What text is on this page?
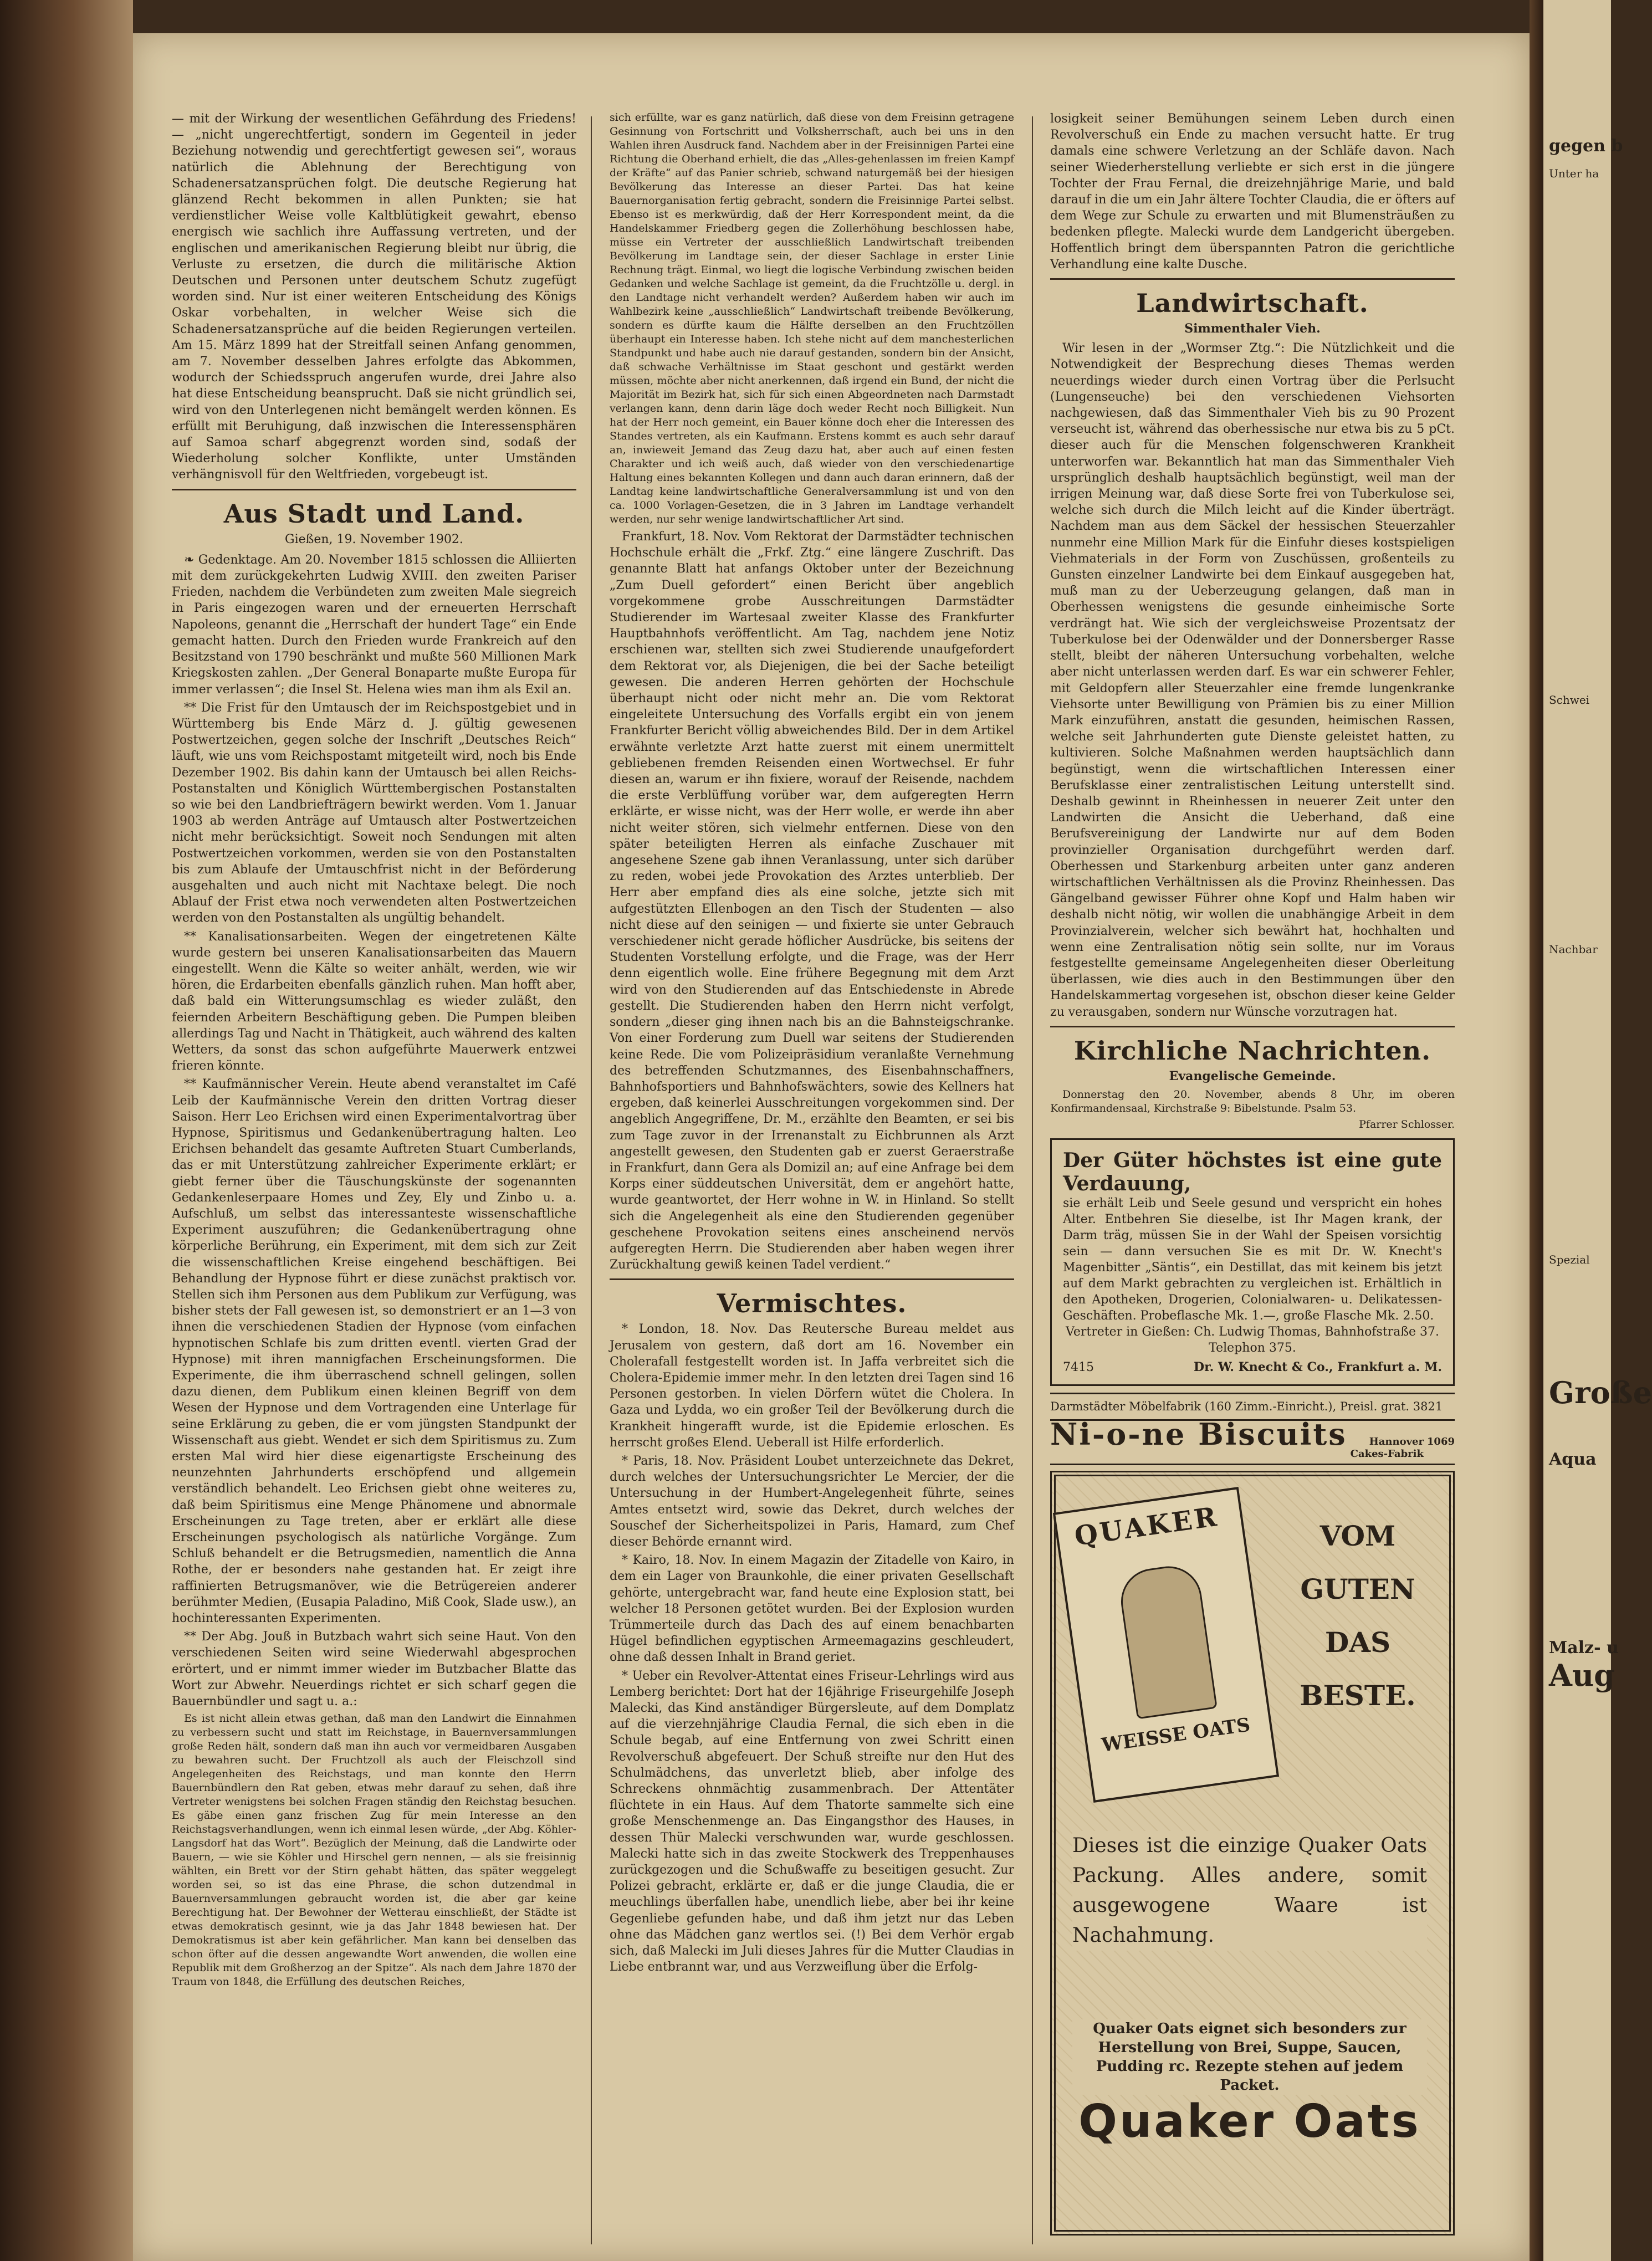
— mit der Wirkung der wesentlichen Gefährdung des Friedens! — „nicht ungerechtfertigt, sondern im Gegenteil in jeder Beziehung notwendig und gerechtfertigt gewesen sei“, woraus natürlich die Ablehnung der Berechtigung von Schadenersatzansprüchen folgt. Die deutsche Regierung hat glänzend Recht bekommen in allen Punkten; sie hat verdienstlicher Weise volle Kaltblütigkeit gewahrt, ebenso energisch wie sachlich ihre Auffassung vertreten, und der englischen und amerikanischen Regierung bleibt nur übrig, die Verluste zu ersetzen, die durch die militärische Aktion Deutschen und Personen unter deutschem Schutz zugefügt worden sind. Nur ist einer weiteren Entscheidung des Königs Oskar vorbehalten, in welcher Weise sich die Schadenersatzansprüche auf die beiden Regierungen verteilen. Am 15. März 1899 hat der Streitfall seinen Anfang genommen, am 7. November desselben Jahres erfolgte das Abkommen, wodurch der Schiedsspruch angerufen wurde, drei Jahre also hat diese Entscheidung beansprucht. Daß sie nicht gründlich sei, wird von den Unterlegenen nicht bemängelt werden können. Es erfüllt mit Beruhigung, daß inzwischen die Interessensphären auf Samoa scharf abgegrenzt worden sind, sodaß der Wiederholung solcher Konflikte, unter Umständen verhängnisvoll für den Weltfrieden, vorgebeugt ist.

Aus Stadt und Land.
Gießen, 19. November 1902.

❧ Gedenktage. Am 20. November 1815 schlossen die Alliierten mit dem zurückgekehrten Ludwig XVIII. den zweiten Pariser Frieden, nachdem die Verbündeten zum zweiten Male siegreich in Paris eingezogen waren und der erneuerten Herrschaft Napoleons, genannt die „Herrschaft der hundert Tage“ ein Ende gemacht hatten. Durch den Frieden wurde Frankreich auf den Besitzstand von 1790 beschränkt und mußte 560 Millionen Mark Kriegskosten zahlen. „Der General Bonaparte mußte Europa für immer verlassen“; die Insel St. Helena wies man ihm als Exil an.

** Die Frist für den Umtausch der im Reichspostgebiet und in Württemberg bis Ende März d. J. gültig gewesenen Postwertzeichen, gegen solche der Inschrift „Deutsches Reich“ läuft, wie uns vom Reichspostamt mitgeteilt wird, noch bis Ende Dezember 1902. Bis dahin kann der Umtausch bei allen Reichs-Postanstalten und Königlich Württembergischen Postanstalten so wie bei den Landbriefträgern bewirkt werden. Vom 1. Januar 1903 ab werden Anträge auf Umtausch alter Postwertzeichen nicht mehr berücksichtigt. Soweit noch Sendungen mit alten Postwertzeichen vorkommen, werden sie von den Postanstalten bis zum Ablaufe der Umtauschfrist nicht in der Beförderung ausgehalten und auch nicht mit Nachtaxe belegt. Die noch Ablauf der Frist etwa noch verwendeten alten Postwertzeichen werden von den Postanstalten als ungültig behandelt.

** Kanalisationsarbeiten. Wegen der eingetretenen Kälte wurde gestern bei unseren Kanalisationsarbeiten das Mauern eingestellt. Wenn die Kälte so weiter anhält, werden, wie wir hören, die Erdarbeiten ebenfalls gänzlich ruhen. Man hofft aber, daß bald ein Witterungsumschlag es wieder zuläßt, den feiernden Arbeitern Beschäftigung geben. Die Pumpen bleiben allerdings Tag und Nacht in Thätigkeit, auch während des kalten Wetters, da sonst das schon aufgeführte Mauerwerk entzwei frieren könnte.

** Kaufmännischer Verein. Heute abend veranstaltet im Café Leib der Kaufmännische Verein den dritten Vortrag dieser Saison. Herr Leo Erichsen wird einen Experimentalvortrag über Hypnose, Spiritismus und Gedankenübertragung halten. Leo Erichsen behandelt das gesamte Auftreten Stuart Cumberlands, das er mit Unterstützung zahlreicher Experimente erklärt; er giebt ferner über die Täuschungskünste der sogenannten Gedankenleserpaare Homes und Zey, Ely und Zinbo u. a. Aufschluß, um selbst das interessanteste wissenschaftliche Experiment auszuführen; die Gedankenübertragung ohne körperliche Berührung, ein Experiment, mit dem sich zur Zeit die wissenschaftlichen Kreise eingehend beschäftigen. Bei Behandlung der Hypnose führt er diese zunächst praktisch vor. Stellen sich ihm Personen aus dem Publikum zur Verfügung, was bisher stets der Fall gewesen ist, so demonstriert er an 1—3 von ihnen die verschiedenen Stadien der Hypnose (vom einfachen hypnotischen Schlafe bis zum dritten eventl. vierten Grad der Hypnose) mit ihren mannigfachen Erscheinungsformen. Die Experimente, die ihm überraschend schnell gelingen, sollen dazu dienen, dem Publikum einen kleinen Begriff von dem Wesen der Hypnose und dem Vortragenden eine Unterlage für seine Erklärung zu geben, die er vom jüngsten Standpunkt der Wissenschaft aus giebt. Wendet er sich dem Spiritismus zu. Zum ersten Mal wird hier diese eigenartigste Erscheinung des neunzehnten Jahrhunderts erschöpfend und allgemein verständlich behandelt. Leo Erichsen giebt ohne weiteres zu, daß beim Spiritismus eine Menge Phänomene und abnormale Erscheinungen zu Tage treten, aber er erklärt alle diese Erscheinungen psychologisch als natürliche Vorgänge. Zum Schluß behandelt er die Betrugsmedien, namentlich die Anna Rothe, der er besonders nahe gestanden hat. Er zeigt ihre raffinierten Betrugsmanöver, wie die Betrügereien anderer berühmter Medien, (Eusapia Paladino, Miß Cook, Slade usw.), an hochinteressanten Experimenten.

** Der Abg. Jouß in Butzbach wahrt sich seine Haut. Von den verschiedenen Seiten wird seine Wiederwahl abgesprochen erörtert, und er nimmt immer wieder im Butzbacher Blatte das Wort zur Abwehr. Neuerdings richtet er sich scharf gegen die Bauernbündler und sagt u. a.:

Es ist nicht allein etwas gethan, daß man den Landwirt die Einnahmen zu verbessern sucht und statt im Reichstage, in Bauernversammlungen große Reden hält, sondern daß man ihn auch vor vermeidbaren Ausgaben zu bewahren sucht. Der Fruchtzoll als auch der Fleischzoll sind Angelegenheiten des Reichstags, und man konnte den Herrn Bauernbündlern den Rat geben, etwas mehr darauf zu sehen, daß ihre Vertreter wenigstens bei solchen Fragen ständig den Reichstag besuchen. Es gäbe einen ganz frischen Zug für mein Interesse an den Reichstagsverhandlungen, wenn ich einmal lesen würde, „der Abg. Köhler-Langsdorf hat das Wort“. Bezüglich der Meinung, daß die Landwirte oder Bauern, — wie sie Köhler und Hirschel gern nennen, — als sie freisinnig wählten, ein Brett vor der Stirn gehabt hätten, das später weggelegt worden sei, so ist das eine Phrase, die schon dutzendmal in Bauernversammlungen gebraucht worden ist, die aber gar keine Berechtigung hat. Der Bewohner der Wetterau einschließt, der Städte ist etwas demokratisch gesinnt, wie ja das Jahr 1848 bewiesen hat. Der Demokratismus ist aber kein gefährlicher. Man kann bei denselben das schon öfter auf die dessen angewandte Wort anwenden, die wollen eine Republik mit dem Großherzog an der Spitze“. Als nach dem Jahre 1870 der Traum von 1848, die Erfüllung des deutschen Reiches,

sich erfüllte, war es ganz natürlich, daß diese von dem Freisinn getragene Gesinnung von Fortschritt und Volksherrschaft, auch bei uns in den Wahlen ihren Ausdruck fand. Nachdem aber in der Freisinnigen Partei eine Richtung die Oberhand erhielt, die das „Alles-gehenlassen im freien Kampf der Kräfte“ auf das Panier schrieb, schwand naturgemäß bei der hiesigen Bevölkerung das Interesse an dieser Partei. Das hat keine Bauernorganisation fertig gebracht, sondern die Freisinnige Partei selbst. Ebenso ist es merkwürdig, daß der Herr Korrespondent meint, da die Handelskammer Friedberg gegen die Zollerhöhung beschlossen habe, müsse ein Vertreter der ausschließlich Landwirtschaft treibenden Bevölkerung im Landtage sein, der dieser Sachlage in erster Linie Rechnung trägt. Einmal, wo liegt die logische Verbindung zwischen beiden Gedanken und welche Sachlage ist gemeint, da die Fruchtzölle u. dergl. in den Landtage nicht verhandelt werden? Außerdem haben wir auch im Wahlbezirk keine „ausschließlich“ Landwirtschaft treibende Bevölkerung, sondern es dürfte kaum die Hälfte derselben an den Fruchtzöllen überhaupt ein Interesse haben. Ich stehe nicht auf dem manchesterlichen Standpunkt und habe auch nie darauf gestanden, sondern bin der Ansicht, daß schwache Verhältnisse im Staat geschont und gestärkt werden müssen, möchte aber nicht anerkennen, daß irgend ein Bund, der nicht die Majorität im Bezirk hat, sich für sich einen Abgeordneten nach Darmstadt verlangen kann, denn darin läge doch weder Recht noch Billigkeit. Nun hat der Herr noch gemeint, ein Bauer könne doch eher die Interessen des Standes vertreten, als ein Kaufmann. Erstens kommt es auch sehr darauf an, inwieweit Jemand das Zeug dazu hat, aber auch auf einen festen Charakter und ich weiß auch, daß wieder von den verschiedenartige Haltung eines bekannten Kollegen und dann auch daran erinnern, daß der Landtag keine landwirtschaftliche Generalversammlung ist und von den ca. 1000 Vorlagen-Gesetzen, die in 3 Jahren im Landtage verhandelt werden, nur sehr wenige landwirtschaftlicher Art sind.

Frankfurt, 18. Nov. Vom Rektorat der Darmstädter technischen Hochschule erhält die „Frkf. Ztg.“ eine längere Zuschrift. Das genannte Blatt hat anfangs Oktober unter der Bezeichnung „Zum Duell gefordert“ einen Bericht über angeblich vorgekommene grobe Ausschreitungen Darmstädter Studierender im Wartesaal zweiter Klasse des Frankfurter Hauptbahnhofs veröffentlicht. Am Tag, nachdem jene Notiz erschienen war, stellten sich zwei Studierende unaufgefordert dem Rektorat vor, als Diejenigen, die bei der Sache beteiligt gewesen. Die anderen Herren gehörten der Hochschule überhaupt nicht oder nicht mehr an. Die vom Rektorat eingeleitete Untersuchung des Vorfalls ergibt ein von jenem Frankfurter Bericht völlig abweichendes Bild. Der in dem Artikel erwähnte verletzte Arzt hatte zuerst mit einem unermittelt gebliebenen fremden Reisenden einen Wortwechsel. Er fuhr diesen an, warum er ihn fixiere, worauf der Reisende, nachdem die erste Verblüffung vorüber war, dem aufgeregten Herrn erklärte, er wisse nicht, was der Herr wolle, er werde ihn aber nicht weiter stören, sich vielmehr entfernen. Diese von den später beteiligten Herren als einfache Zuschauer mit angesehene Szene gab ihnen Veranlassung, unter sich darüber zu reden, wobei jede Provokation des Arztes unterblieb. Der Herr aber empfand dies als eine solche, jetzte sich mit aufgestützten Ellenbogen an den Tisch der Studenten — also nicht diese auf den seinigen — und fixierte sie unter Gebrauch verschiedener nicht gerade höflicher Ausdrücke, bis seitens der Studenten Vorstellung erfolgte, und die Frage, was der Herr denn eigentlich wolle. Eine frühere Begegnung mit dem Arzt wird von den Studierenden auf das Entschiedenste in Abrede gestellt. Die Studierenden haben den Herrn nicht verfolgt, sondern „dieser ging ihnen nach bis an die Bahnsteigschranke. Von einer Forderung zum Duell war seitens der Studierenden keine Rede. Die vom Polizeipräsidium veranlaßte Vernehmung des betreffenden Schutzmannes, des Eisenbahnschaffners, Bahnhofsportiers und Bahnhofswächters, sowie des Kellners hat ergeben, daß keinerlei Ausschreitungen vorgekommen sind. Der angeblich Angegriffene, Dr. M., erzählte den Beamten, er sei bis zum Tage zuvor in der Irrenanstalt zu Eichbrunnen als Arzt angestellt gewesen, den Studenten gab er zuerst Geraerstraße in Frankfurt, dann Gera als Domizil an; auf eine Anfrage bei dem Korps einer süddeutschen Universität, dem er angehört hatte, wurde geantwortet, der Herr wohne in W. in Hinland. So stellt sich die Angelegenheit als eine den Studierenden gegenüber geschehene Provokation seitens eines anscheinend nervös aufgeregten Herrn. Die Studierenden aber haben wegen ihrer Zurückhaltung gewiß keinen Tadel verdient.“

Vermischtes.

* London, 18. Nov. Das Reutersche Bureau meldet aus Jerusalem von gestern, daß dort am 16. November ein Cholerafall festgestellt worden ist. In Jaffa verbreitet sich die Cholera-Epidemie immer mehr. In den letzten drei Tagen sind 16 Personen gestorben. In vielen Dörfern wütet die Cholera. In Gaza und Lydda, wo ein großer Teil der Bevölkerung durch die Krankheit hingerafft wurde, ist die Epidemie erloschen. Es herrscht großes Elend. Ueberall ist Hilfe erforderlich.

* Paris, 18. Nov. Präsident Loubet unterzeichnete das Dekret, durch welches der Untersuchungsrichter Le Mercier, der die Untersuchung in der Humbert-Angelegenheit führte, seines Amtes entsetzt wird, sowie das Dekret, durch welches der Souschef der Sicherheitspolizei in Paris, Hamard, zum Chef dieser Behörde ernannt wird.

* Kairo, 18. Nov. In einem Magazin der Zitadelle von Kairo, in dem ein Lager von Braunkohle, die einer privaten Gesellschaft gehörte, untergebracht war, fand heute eine Explosion statt, bei welcher 18 Personen getötet wurden. Bei der Explosion wurden Trümmerteile durch das Dach des auf einem benachbarten Hügel befindlichen egyptischen Armeemagazins geschleudert, ohne daß dessen Inhalt in Brand geriet.

* Ueber ein Revolver-Attentat eines Friseur-Lehrlings wird aus Lemberg berichtet: Dort hat der 16jährige Friseurgehilfe Joseph Malecki, das Kind anständiger Bürgersleute, auf dem Domplatz auf die vierzehnjährige Claudia Fernal, die sich eben in die Schule begab, auf eine Entfernung von zwei Schritt einen Revolverschuß abgefeuert. Der Schuß streifte nur den Hut des Schulmädchens, das unverletzt blieb, aber infolge des Schreckens ohnmächtig zusammenbrach. Der Attentäter flüchtete in ein Haus. Auf dem Thatorte sammelte sich eine große Menschenmenge an. Das Eingangsthor des Hauses, in dessen Thür Malecki verschwunden war, wurde geschlossen. Malecki hatte sich in das zweite Stockwerk des Treppenhauses zurückgezogen und die Schußwaffe zu beseitigen gesucht. Zur Polizei gebracht, erklärte er, daß er die junge Claudia, die er meuchlings überfallen habe, unendlich liebe, aber bei ihr keine Gegenliebe gefunden habe, und daß ihm jetzt nur das Leben ohne das Mädchen ganz wertlos sei. (!) Bei dem Verhör ergab sich, daß Malecki im Juli dieses Jahres für die Mutter Claudias in Liebe entbrannt war, und aus Verzweiflung über die Erfolg-

losigkeit seiner Bemühungen seinem Leben durch einen Revolverschuß ein Ende zu machen versucht hatte. Er trug damals eine schwere Verletzung an der Schläfe davon. Nach seiner Wiederherstellung verliebte er sich erst in die jüngere Tochter der Frau Fernal, die dreizehnjährige Marie, und bald darauf in die um ein Jahr ältere Tochter Claudia, die er öfters auf dem Wege zur Schule zu erwarten und mit Blumensträußen zu bedenken pflegte. Malecki wurde dem Landgericht übergeben. Hoffentlich bringt dem überspannten Patron die gerichtliche Verhandlung eine kalte Dusche.

Landwirtschaft.
Simmenthaler Vieh.

Wir lesen in der „Wormser Ztg.“: Die Nützlichkeit und die Notwendigkeit der Besprechung dieses Themas werden neuerdings wieder durch einen Vortrag über die Perlsucht (Lungenseuche) bei den verschiedenen Viehsorten nachgewiesen, daß das Simmenthaler Vieh bis zu 90 Prozent verseucht ist, während das oberhessische nur etwa bis zu 5 pCt. dieser auch für die Menschen folgenschweren Krankheit unterworfen war. Bekanntlich hat man das Simmenthaler Vieh ursprünglich deshalb hauptsächlich begünstigt, weil man der irrigen Meinung war, daß diese Sorte frei von Tuberkulose sei, welche sich durch die Milch leicht auf die Kinder überträgt. Nachdem man aus dem Säckel der hessischen Steuerzahler nunmehr eine Million Mark für die Einfuhr dieses kostspieligen Viehmaterials in der Form von Zuschüssen, großenteils zu Gunsten einzelner Landwirte bei dem Einkauf ausgegeben hat, muß man zu der Ueberzeugung gelangen, daß man in Oberhessen wenigstens die gesunde einheimische Sorte verdrängt hat. Wie sich der vergleichsweise Prozentsatz der Tuberkulose bei der Odenwälder und der Donnersberger Rasse stellt, bleibt der näheren Untersuchung vorbehalten, welche aber nicht unterlassen werden darf. Es war ein schwerer Fehler, mit Geldopfern aller Steuerzahler eine fremde lungenkranke Viehsorte unter Bewilligung von Prämien bis zu einer Million Mark einzuführen, anstatt die gesunden, heimischen Rassen, welche seit Jahrhunderten gute Dienste geleistet hatten, zu kultivieren. Solche Maßnahmen werden hauptsächlich dann begünstigt, wenn die wirtschaftlichen Interessen einer Berufsklasse einer zentralistischen Leitung unterstellt sind. Deshalb gewinnt in Rheinhessen in neuerer Zeit unter den Landwirten die Ansicht die Ueberhand, daß eine Berufsvereinigung der Landwirte nur auf dem Boden provinzieller Organisation durchgeführt werden darf. Oberhessen und Starkenburg arbeiten unter ganz anderen wirtschaftlichen Verhältnissen als die Provinz Rheinhessen. Das Gängelband gewisser Führer ohne Kopf und Halm haben wir deshalb nicht nötig, wir wollen die unabhängige Arbeit in dem Provinzialverein, welcher sich bewährt hat, hochhalten und wenn eine Zentralisation nötig sein sollte, nur im Voraus festgestellte gemeinsame Angelegenheiten dieser Oberleitung überlassen, wie dies auch in den Bestimmungen über den Handelskammertag vorgesehen ist, obschon dieser keine Gelder zu verausgaben, sondern nur Wünsche vorzutragen hat.

Kirchliche Nachrichten.
Evangelische Gemeinde.

Donnerstag den 20. November, abends 8 Uhr, im oberen Konfirmandensaal, Kirchstraße 9: Bibelstunde. Psalm 53.

Pfarrer Schlosser.
Der Güter höchstes ist eine gute Verdauung,
sie erhält Leib und Seele gesund und verspricht ein hohes Alter. Entbehren Sie dieselbe, ist Ihr Magen krank, der Darm träg, müssen Sie in der Wahl der Speisen vorsichtig sein — dann versuchen Sie es mit Dr. W. Knecht's Magenbitter „Säntis“, ein Destillat, das mit keinem bis jetzt auf dem Markt gebrachten zu vergleichen ist. Erhältlich in den Apotheken, Drogerien, Colonialwaren- u. Delikatessen-Geschäften. Probeflasche Mk. 1.—, große Flasche Mk. 2.50.
Vertreter in Gießen: Ch. Ludwig Thomas, Bahnhofstraße 37. Telephon 375.
7415	Dr. W. Knecht & Co., Frankfurt a. M.
Darmstädter Möbelfabrik (160 Zimm.-Einricht.), Preisl. grat. 3821
Ni-o-ne Biscuits	Hannover
Cakes-Fabrik
1069
QUAKER
WEISSE OATS
VOM GUTEN DAS BESTE.
Dieses ist die einzige Quaker Oats Packung. Alles andere, somit ausgewogene Waare ist Nachahmung.
Quaker Oats eignet sich besonders zur Herstellung von Brei, Suppe, Saucen, Pudding rc. Rezepte stehen auf jedem Packet.
Quaker Oats
gegen b
Unter ha
Schwei
Nachbar
Spezial
Große
Aqua
Malz- u
Aug
